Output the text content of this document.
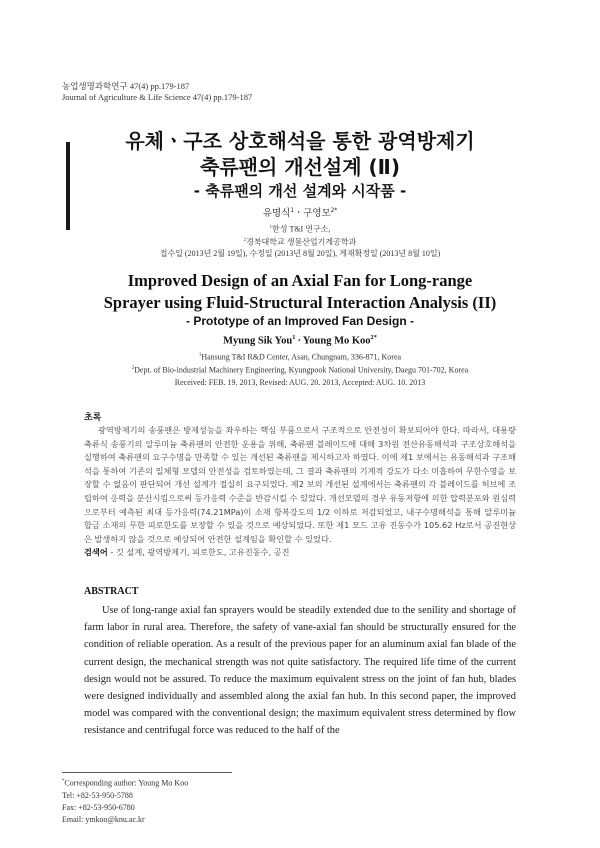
농업생명과학연구 47(4) pp.179-187
Journal of Agriculture & Life Science 47(4) pp.179-187
유체ㆍ구조 상호해석을 통한 광역방제기
축류팬의 개선설계 (Ⅱ)
- 축류팬의 개선 설계와 시작품 -
유명식$^1$ㆍ구영모$^{2*}$
$^1$한성 T&I 연구소,
$^2$경북대학교 생물산업기계공학과
접수일 (2013년 2월 19일), 수정일 (2013년 8월 20일), 게재확정일 (2013년 8월 10일)
Improved Design of an Axial Fan for Long-range
Sprayer using Fluid-Structural Interaction Analysis (II)
- Prototype of an Improved Fan Design -
Myung Sik You$^1$ ∙ Young Mo Koo$^{2*}$
$^1$Hansung T&I R&D Center, Asan, Chungnam, 336-871, Korea
$^2$Dept. of Bio-industrial Machinery Engineering, Kyungpook National University, Daegu 701-702, Korea
Received: FEB. 19. 2013, Revised: AUG. 20. 2013, Accepted: AUG. 10. 2013
초록

광역방제기의 송풍팬은 방제성능을 좌우하는 핵심 부품으로서 구조적으로 안전성이 확보되어야 한다. 따라서, 대용량 축류식 송풍기의 알루미늄 축류팬의 안전한 운용을 위해, 축류팬 블레이드에 대해 3차원 전산유동해석과 구조상호해석을 실행하여 축류팬의 요구수명을 만족할 수 있는 개선된 축류팬을 제시하고자 하였다. 이에 제1 보에서는 유동해석과 구조해석을 통하여 기존의 일체형 모델의 안전성을 검토하였는데, 그 결과 축류팬의 기계적 강도가 다소 미흡하여 무한수명을 보장할 수 없음이 판단되어 개선 설계가 절실히 요구되었다. 제2 보의 개선된 설계에서는 축류팬의 각 블레이드를 허브에 조립하여 응력을 분산시킴으로써 등가응력 수준을 반감시킬 수 있었다. 개선모델의 경우 유동저항에 의한 압력분포와 원심력으로부터 예측된 최대 등가응력(74.21MPa)이 소재 항복강도의 1/2 이하로 저감되었고, 내구수명해석을 통해 알루미늄 합금 소재의 무한 피로한도를 보장할 수 있을 것으로 예상되었다. 또한 제1 모드 고유 진동수가 105.62 Hz로서 공진현상은 발생하지 않을 것으로 예상되어 안전한 설계임을 확인할 수 있었다.

검색어 - 깃 설계, 광역방제기, 피로한도, 고유진동수, 공진
ABSTRACT

Use of long-range axial fan sprayers would be steadily extended due to the senility and shortage of farm labor in rural area. Therefore, the safety of vane-axial fan should be structurally ensured for the condition of reliable operation. As a result of the previous paper for an aluminum axial fan blade of the current design, the mechanical strength was not quite satisfactory. The required life time of the current design would not be assured. To reduce the maximum equivalent stress on the joint of fan hub, blades were designed individually and assembled along the axial fan hub. In this second paper, the improved model was compared with the conventional design; the maximum equivalent stress determined by flow resistance and centrifugal force was reduced to the half of the

*Corresponding author: Young Mo Koo
Tel: +82-53-950-5788
Fax: +82-53-950-6780
Email: ymkoo@knu.ac.kr
